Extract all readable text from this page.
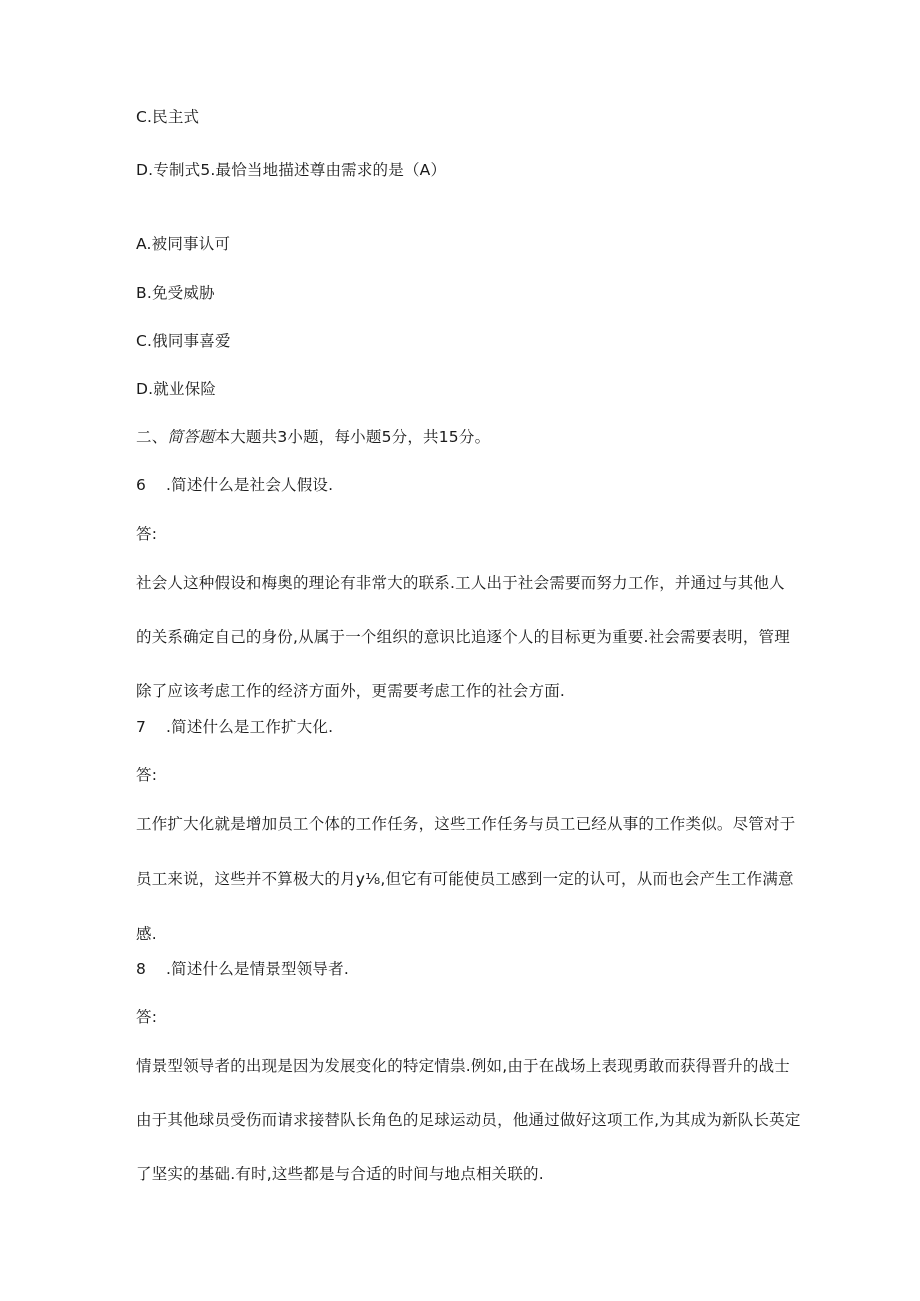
C.民主式
D.专制式5.最恰当地描述尊由需求的是（A）
A.被同事认可
B.免受威胁
C.俄同事喜爱
D.就业保险
二、简答题本大题共3小题，每小题5分，共15分。
6 .简述什么是社会人假设.
答:
社会人这种假设和梅奥的理论有非常大的联系.工人出于社会需要而努力工作，并通过与其他人
的关系确定自己的身份,从属于一个组织的意识比追逐个人的目标更为重要.社会需要表明，管理
除了应该考虑工作的经济方面外，更需要考虑工作的社会方面.
7 .简述什么是工作扩大化.
答:
工作扩大化就是增加员工个体的工作任务，这些工作任务与员工已经从事的工作类似。尽管对于
员工来说，这些并不算极大的月y⅛,但它有可能使员工感到一定的认可，从而也会产生工作满意
感.
8 .简述什么是情景型领导者.
答:
情景型领导者的出现是因为发展变化的特定情祟.例如,由于在战场上表现勇敢而获得晋升的战士
由于其他球员受伤而请求接替队长角色的足球运动员，他通过做好这项工作,为其成为新队长英定
了坚实的基础.有时,这些都是与合适的时间与地点相关联的.
